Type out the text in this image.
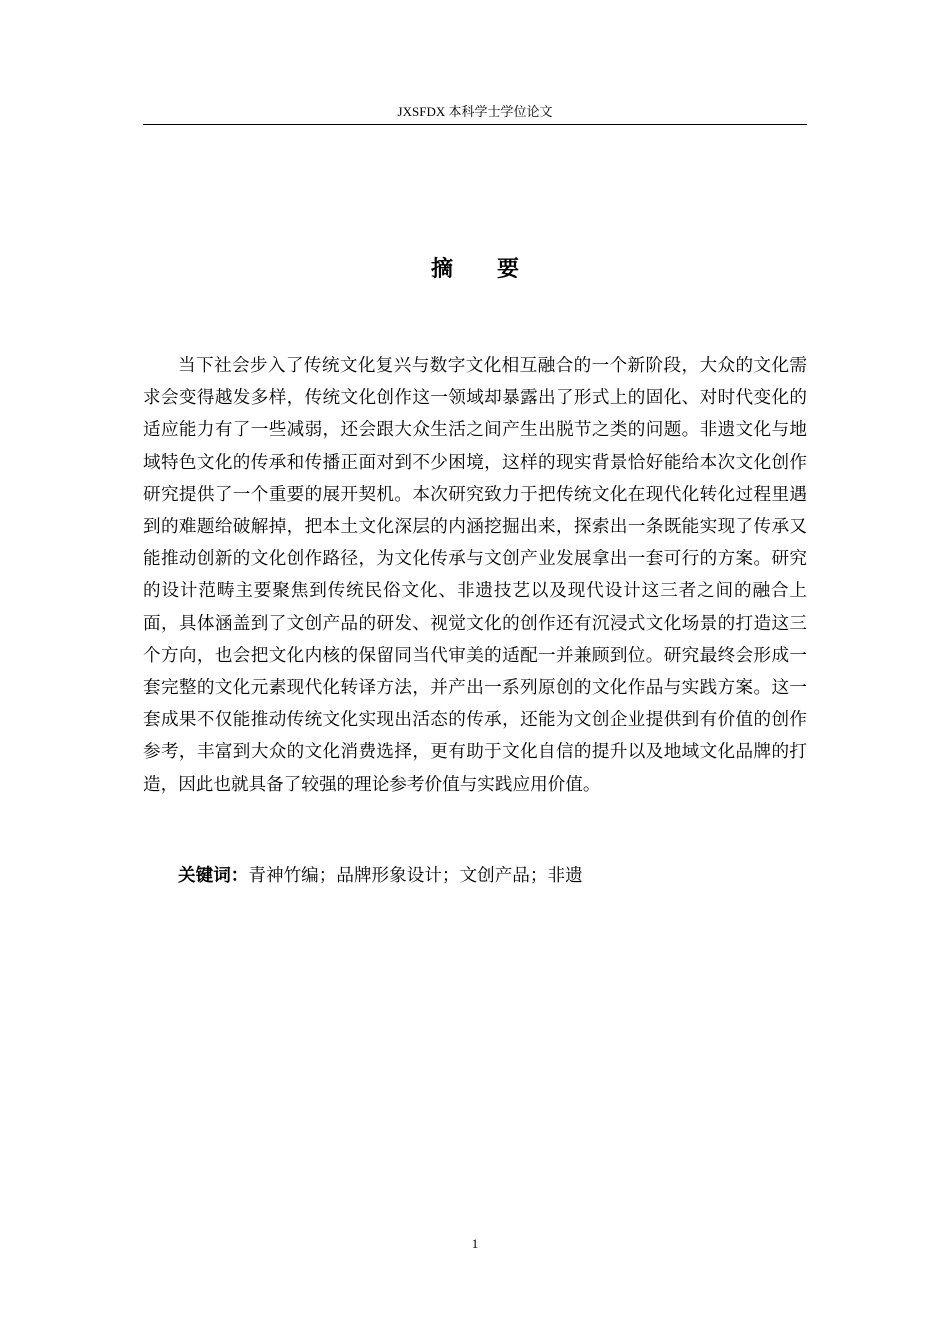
JXSFDX 本科学士学位论文
摘　　要

当下社会步入了传统文化复兴与数字文化相互融合的一个新阶段，大众的文化需求会变得越发多样，传统文化创作这一领域却暴露出了形式上的固化、对时代变化的适应能力有了一些减弱，还会跟大众生活之间产生出脱节之类的问题。非遗文化与地域特色文化的传承和传播正面对到不少困境，这样的现实背景恰好能给本次文化创作研究提供了一个重要的展开契机。本次研究致力于把传统文化在现代化转化过程里遇到的难题给破解掉，把本土文化深层的内涵挖掘出来，探索出一条既能实现了传承又能推动创新的文化创作路径，为文化传承与文创产业发展拿出一套可行的方案。研究的设计范畴主要聚焦到传统民俗文化、非遗技艺以及现代设计这三者之间的融合上面，具体涵盖到了文创产品的研发、视觉文化的创作还有沉浸式文化场景的打造这三个方向，也会把文化内核的保留同当代审美的适配一并兼顾到位。研究最终会形成一套完整的文化元素现代化转译方法，并产出一系列原创的文化作品与实践方案。这一套成果不仅能推动传统文化实现出活态的传承，还能为文创企业提供到有价值的创作参考，丰富到大众的文化消费选择，更有助于文化自信的提升以及地域文化品牌的打造，因此也就具备了较强的理论参考价值与实践应用价值。

关键词：青神竹编；品牌形象设计；文创产品；非遗
1
